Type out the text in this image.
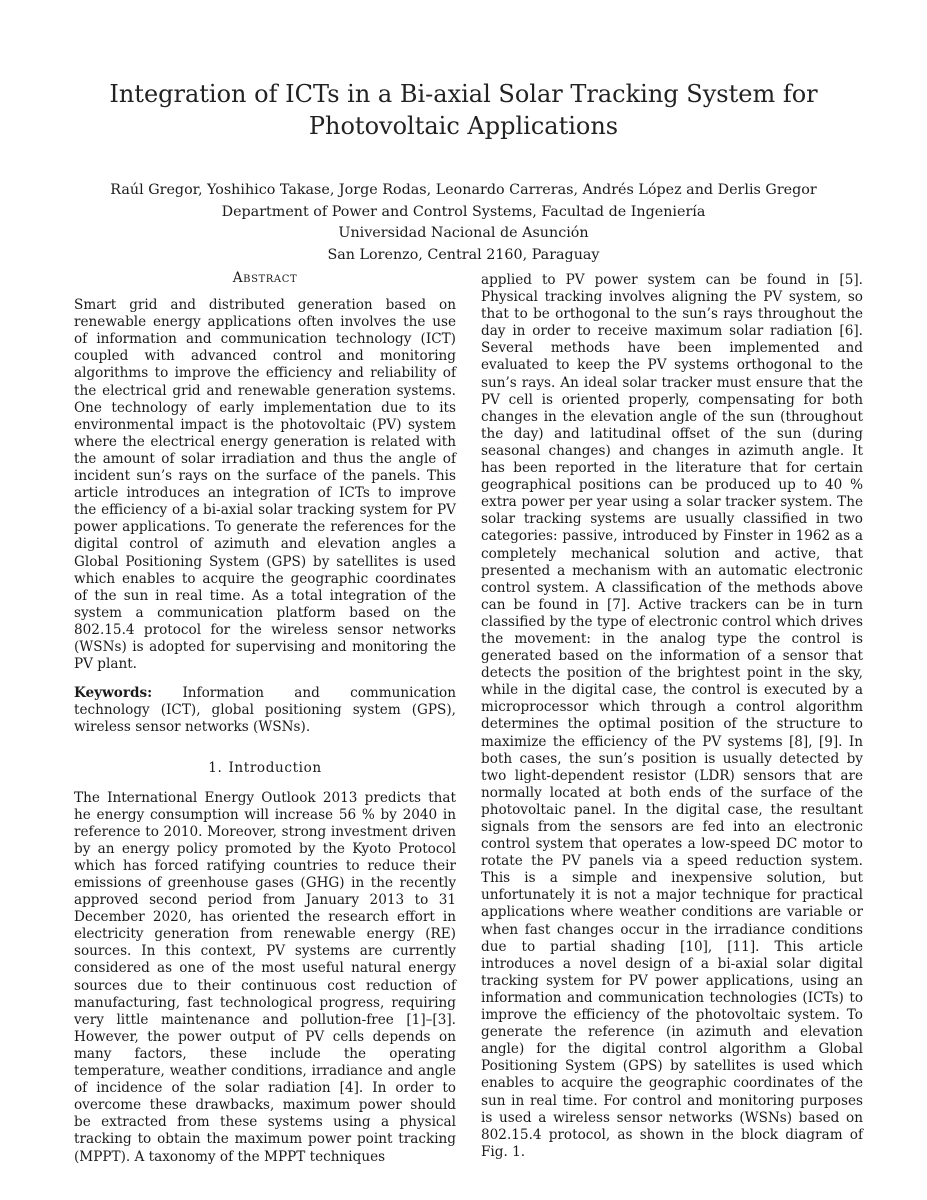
Integration of ICTs in a Bi-axial Solar Tracking System for
Photovoltaic Applications
Raúl Gregor, Yoshihico Takase, Jorge Rodas, Leonardo Carreras, Andrés López and Derlis Gregor
Department of Power and Control Systems, Facultad de Ingeniería
Universidad Nacional de Asunción
San Lorenzo, Central 2160, Paraguay
Abstract

Smart grid and distributed generation based on renewable energy applications often involves the use of information and communication technology (ICT) coupled with advanced control and monitoring algorithms to improve the efficiency and reliability of the electrical grid and renewable generation systems. One technology of early implementation due to its environmental impact is the photovoltaic (PV) system where the electrical energy generation is related with the amount of solar irradiation and thus the angle of incident sun’s rays on the surface of the panels. This article introduces an integration of ICTs to improve the efficiency of a bi-axial solar tracking system for PV power applications. To generate the references for the digital control of azimuth and elevation angles a Global Positioning System (GPS) by satellites is used which enables to acquire the geographic coordinates of the sun in real time. As a total integration of the system a communication platform based on the 802.15.4 protocol for the wireless sensor networks (WSNs) is adopted for supervising and monitoring the PV plant.

Keywords: Information and communication technology (ICT), global positioning system (GPS), wireless sensor networks (WSNs).

1. Introduction

The International Energy Outlook 2013 predicts that he energy consumption will increase 56 % by 2040 in reference to 2010. Moreover, strong investment driven by an energy policy promoted by the Kyoto Protocol which has forced ratifying countries to reduce their emissions of greenhouse gases (GHG) in the recently approved second period from January 2013 to 31 December 2020, has oriented the research effort in electricity generation from renewable energy (RE) sources. In this context, PV systems are currently considered as one of the most useful natural energy sources due to their continuous cost reduction of manufacturing, fast technological progress, requiring very little maintenance and pollution-free [1]–[3]. However, the power output of PV cells depends on many factors, these include the operating temperature, weather conditions, irradiance and angle of incidence of the solar radiation [4]. In order to overcome these drawbacks, maximum power should be extracted from these systems using a physical tracking to obtain the maximum power point tracking (MPPT). A taxonomy of the MPPT techniques

applied to PV power system can be found in [5]. Physical tracking involves aligning the PV system, so that to be orthogonal to the sun’s rays throughout the day in order to receive maximum solar radiation [6]. Several methods have been implemented and evaluated to keep the PV systems orthogonal to the sun’s rays. An ideal solar tracker must ensure that the PV cell is oriented properly, compensating for both changes in the elevation angle of the sun (throughout the day) and latitudinal offset of the sun (during seasonal changes) and changes in azimuth angle. It has been reported in the literature that for certain geographical positions can be produced up to 40 % extra power per year using a solar tracker system. The solar tracking systems are usually classified in two categories: passive, introduced by Finster in 1962 as a completely mechanical solution and active, that presented a mechanism with an automatic electronic control system. A classification of the methods above can be found in [7]. Active trackers can be in turn classified by the type of electronic control which drives the movement: in the analog type the control is generated based on the information of a sensor that detects the position of the brightest point in the sky, while in the digital case, the control is executed by a microprocessor which through a control algorithm determines the optimal position of the structure to maximize the efficiency of the PV systems [8], [9]. In both cases, the sun’s position is usually detected by two light-dependent resistor (LDR) sensors that are normally located at both ends of the surface of the photovoltaic panel. In the digital case, the resultant signals from the sensors are fed into an electronic control system that operates a low-speed DC motor to rotate the PV panels via a speed reduction system. This is a simple and inexpensive solution, but unfortunately it is not a major technique for practical applications where weather conditions are variable or when fast changes occur in the irradiance conditions due to partial shading [10], [11]. This article introduces a novel design of a bi-axial solar digital tracking system for PV power applications, using an information and communication technologies (ICTs) to improve the efficiency of the photovoltaic system. To generate the reference (in azimuth and elevation angle) for the digital control algorithm a Global Positioning System (GPS) by satellites is used which enables to acquire the geographic coordinates of the sun in real time. For control and monitoring purposes is used a wireless sensor networks (WSNs) based on 802.15.4 protocol, as shown in the block diagram of Fig. 1.
